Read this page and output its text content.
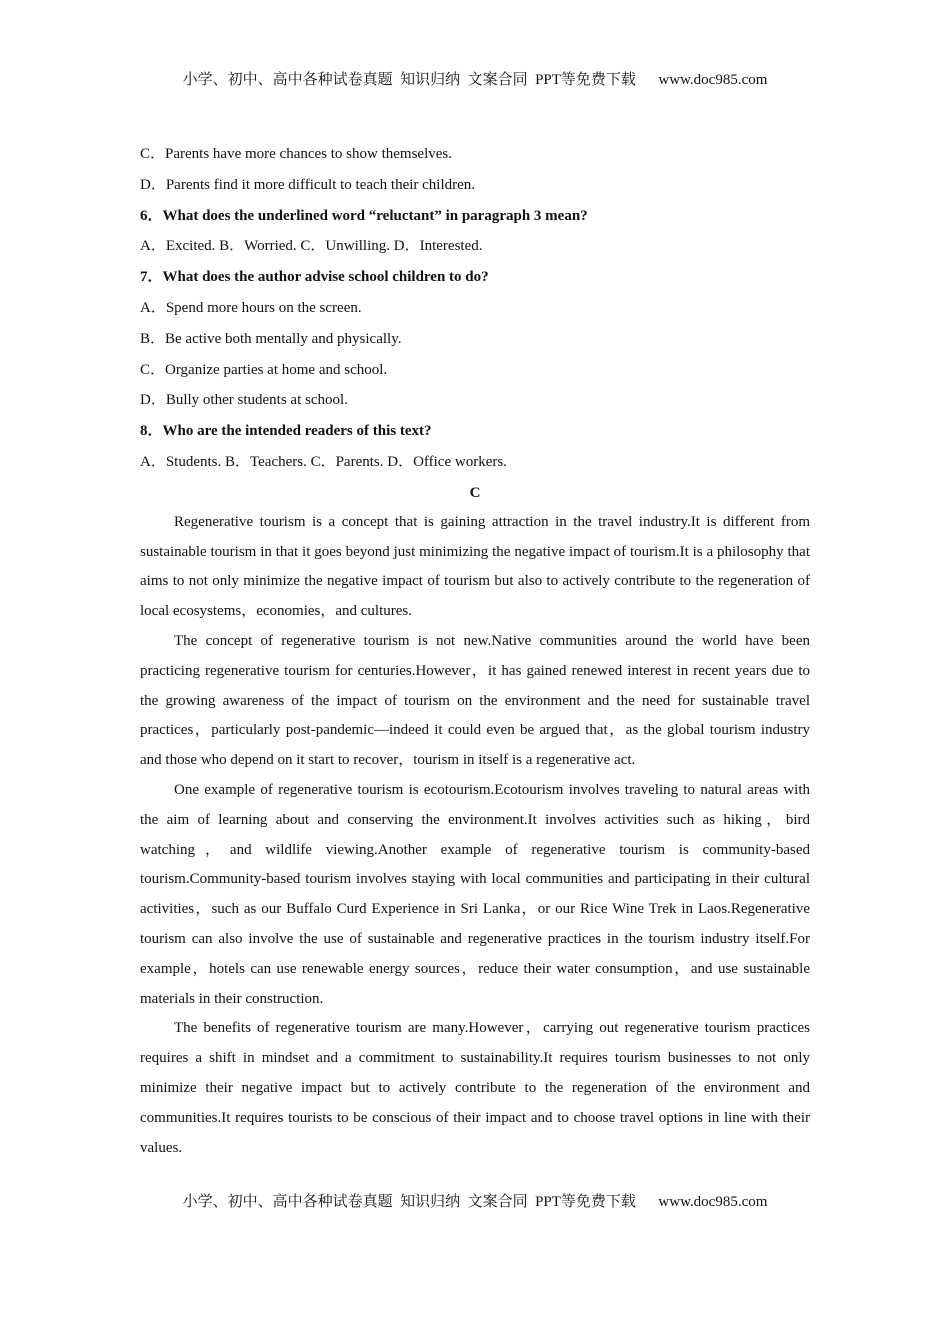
小学、初中、高中各种试卷真题  知识归纳  文案合同  PPT等免费下载      www.doc985.com
C．Parents have more chances to show themselves.
D．Parents find it more difficult to teach their children.
6．What does the underlined word “reluctant” in paragraph 3 mean?
A．Excited. B．Worried. C．Unwilling. D．Interested.
7．What does the author advise school children to do?
A．Spend more hours on the screen.
B．Be active both mentally and physically.
C．Organize parties at home and school.
D．Bully other students at school.
8．Who are the intended readers of this text?
A．Students. B．Teachers. C．Parents. D．Office workers.
C

Regenerative tourism is a concept that is gaining attraction in the travel industry.It is different from sustainable tourism in that it goes beyond just minimizing the negative impact of tourism.It is a philosophy that aims to not only minimize the negative impact of tourism but also to actively contribute to the regeneration of local ecosystems，economies，and cultures.

The concept of regenerative tourism is not new.Native communities around the world have been practicing regenerative tourism for centuries.However，it has gained renewed interest in recent years due to the growing awareness of the impact of tourism on the environment and the need for sustainable travel practices，particularly post-pandemic—indeed it could even be argued that，as the global tourism industry and those who depend on it start to recover，tourism in itself is a regenerative act.

One example of regenerative tourism is ecotourism.Ecotourism involves traveling to natural areas with the aim of learning about and conserving the environment.It involves activities such as hiking，bird watching，and wildlife viewing.Another example of regenerative tourism is community-based tourism.Community-based tourism involves staying with local communities and participating in their cultural activities，such as our Buffalo Curd Experience in Sri Lanka，or our Rice Wine Trek in Laos.Regenerative tourism can also involve the use of sustainable and regenerative practices in the tourism industry itself.For example，hotels can use renewable energy sources，reduce their water consumption，and use sustainable materials in their construction.

The benefits of regenerative tourism are many.However，carrying out regenerative tourism practices requires a shift in mindset and a commitment to sustainability.It requires tourism businesses to not only minimize their negative impact but to actively contribute to the regeneration of the environment and communities.It requires tourists to be conscious of their impact and to choose travel options in line with their values.

小学、初中、高中各种试卷真题  知识归纳  文案合同  PPT等免费下载      www.doc985.com
